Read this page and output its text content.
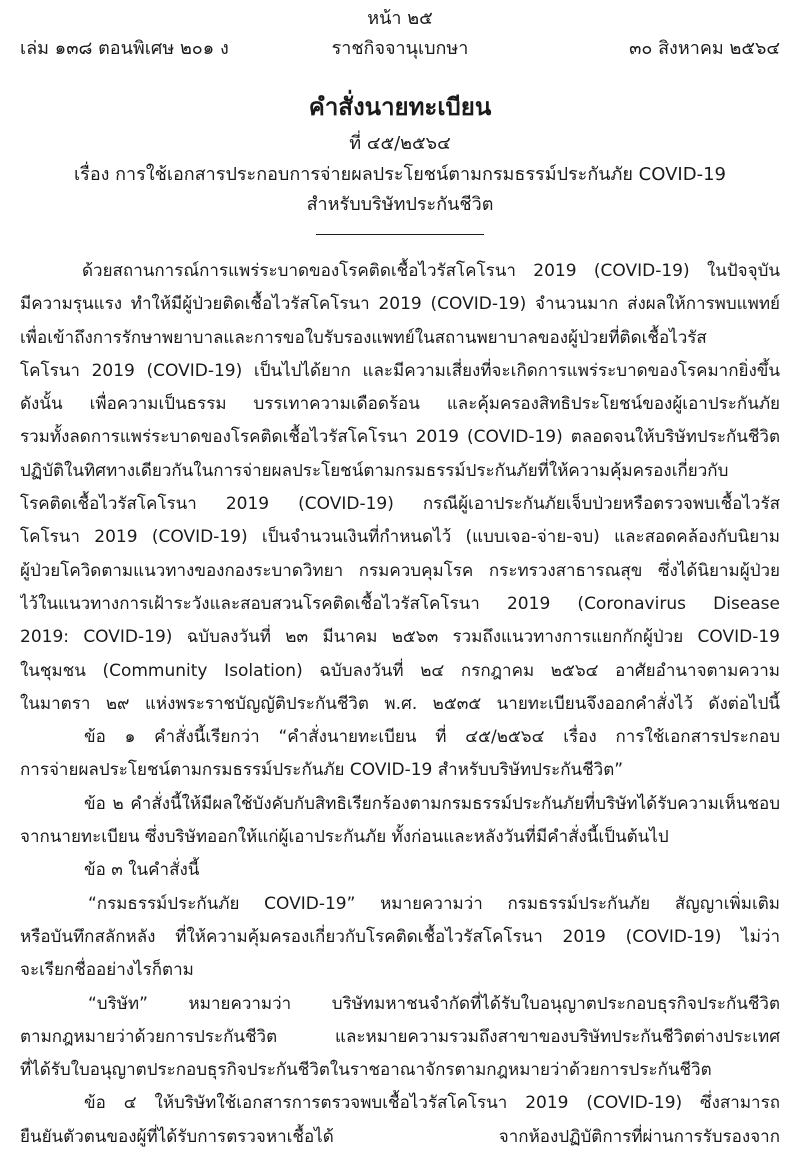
หน้า ๒๕
เล่ม ๑๓๘ ตอนพิเศษ ๒๐๑ ง	ราชกิจจานุเบกษา	๓๐ สิงหาคม ๒๕๖๔
คำสั่งนายทะเบียน
ที่ ๔๕/๒๕๖๔
เรื่อง การใช้เอกสารประกอบการจ่ายผลประโยชน์ตามกรมธรรม์ประกันภัย COVID-19
สำหรับบริษัทประกันชีวิต
ด้วยสถานการณ์การแพร่ระบาดของโรคติดเชื้อไวรัสโคโรนา 2019 (COVID-19) ในปัจจุบัน
มีความรุนแรง ทำให้มีผู้ป่วยติดเชื้อไวรัสโคโรนา 2019 (COVID-19) จำนวนมาก ส่งผลให้การพบแพทย์
เพื่อเข้าถึงการรักษาพยาบาลและการขอใบรับรองแพทย์ในสถานพยาบาลของผู้ป่วยที่ติดเชื้อไวรัส
โคโรนา 2019 (COVID-19) เป็นไปได้ยาก และมีความเสี่ยงที่จะเกิดการแพร่ระบาดของโรคมากยิ่งขึ้น
ดังนั้น เพื่อความเป็นธรรม บรรเทาความเดือดร้อน และคุ้มครองสิทธิประโยชน์ของผู้เอาประกันภัย
รวมทั้งลดการแพร่ระบาดของโรคติดเชื้อไวรัสโคโรนา 2019 (COVID-19) ตลอดจนให้บริษัทประกันชีวิต
ปฏิบัติในทิศทางเดียวกันในการจ่ายผลประโยชน์ตามกรมธรรม์ประกันภัยที่ให้ความคุ้มครองเกี่ยวกับ
โรคติดเชื้อไวรัสโคโรนา 2019 (COVID-19) กรณีผู้เอาประกันภัยเจ็บป่วยหรือตรวจพบเชื้อไวรัส
โคโรนา 2019 (COVID-19) เป็นจำนวนเงินที่กำหนดไว้ (แบบเจอ-จ่าย-จบ) และสอดคล้องกับนิยาม
ผู้ป่วยโควิดตามแนวทางของกองระบาดวิทยา กรมควบคุมโรค กระทรวงสาธารณสุข ซึ่งได้นิยามผู้ป่วย
ไว้ในแนวทางการเฝ้าระวังและสอบสวนโรคติดเชื้อไวรัสโคโรนา 2019 (Coronavirus Disease
2019: COVID-19) ฉบับลงวันที่ ๒๓ มีนาคม ๒๕๖๓ รวมถึงแนวทางการแยกกักผู้ป่วย COVID-19
ในชุมชน (Community Isolation) ฉบับลงวันที่ ๒๔ กรกฎาคม ๒๕๖๔ อาศัยอำนาจตามความ
ในมาตรา ๒๙ แห่งพระราชบัญญัติประกันชีวิต พ.ศ. ๒๕๓๕ นายทะเบียนจึงออกคำสั่งไว้ ดังต่อไปนี้
ข้อ ๑ คำสั่งนี้เรียกว่า “คำสั่งนายทะเบียน ที่ ๔๕/๒๕๖๔ เรื่อง การใช้เอกสารประกอบ
การจ่ายผลประโยชน์ตามกรมธรรม์ประกันภัย COVID-19 สำหรับบริษัทประกันชีวิต”
ข้อ ๒ คำสั่งนี้ให้มีผลใช้บังคับกับสิทธิเรียกร้องตามกรมธรรม์ประกันภัยที่บริษัทได้รับความเห็นชอบ
จากนายทะเบียน ซึ่งบริษัทออกให้แก่ผู้เอาประกันภัย ทั้งก่อนและหลังวันที่มีคำสั่งนี้เป็นต้นไป
ข้อ ๓ ในคำสั่งนี้
“กรมธรรม์ประกันภัย COVID-19” หมายความว่า กรมธรรม์ประกันภัย สัญญาเพิ่มเติม
หรือบันทึกสลักหลัง ที่ให้ความคุ้มครองเกี่ยวกับโรคติดเชื้อไวรัสโคโรนา 2019 (COVID-19) ไม่ว่า
จะเรียกชื่ออย่างไรก็ตาม
“บริษัท” หมายความว่า บริษัทมหาชนจำกัดที่ได้รับใบอนุญาตประกอบธุรกิจประกันชีวิต
ตามกฎหมายว่าด้วยการประกันชีวิต และหมายความรวมถึงสาขาของบริษัทประกันชีวิตต่างประเทศ
ที่ได้รับใบอนุญาตประกอบธุรกิจประกันชีวิตในราชอาณาจักรตามกฎหมายว่าด้วยการประกันชีวิต
ข้อ ๔ ให้บริษัทใช้เอกสารการตรวจพบเชื้อไวรัสโคโรนา 2019 (COVID-19) ซึ่งสามารถ
ยืนยันตัวตนของผู้ที่ได้รับการตรวจหาเชื้อได้ จากห้องปฏิบัติการที่ผ่านการรับรองจาก
